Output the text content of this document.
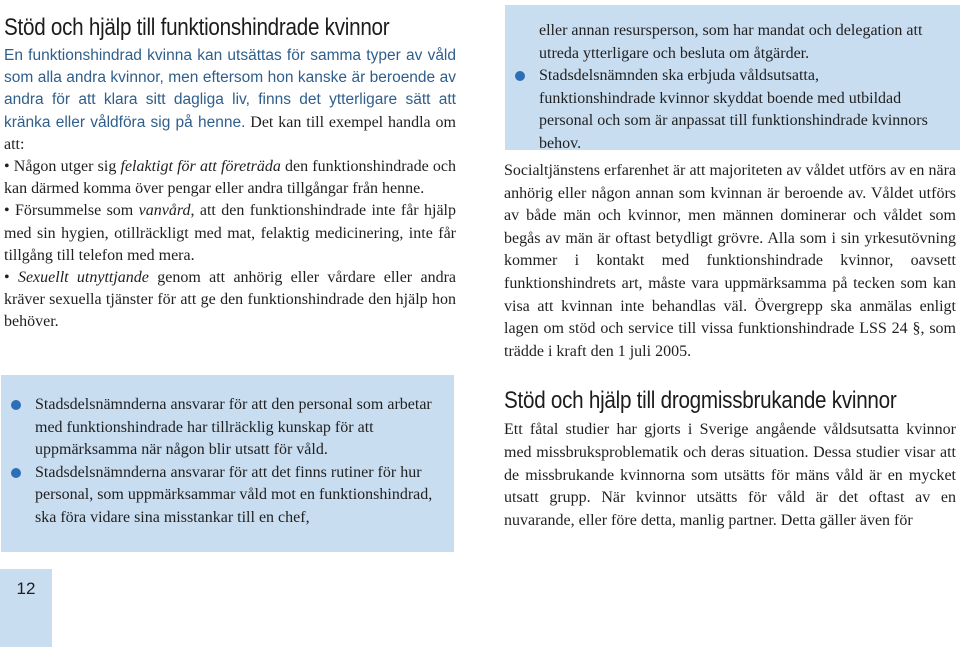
Stöd och hjälp till funktionshindrade kvinnor

En funktionshindrad kvinna kan utsättas för samma typer av våld som alla andra kvinnor, men eftersom hon kanske är beroende av andra för att klara sitt dagliga liv, finns det ytterligare sätt att kränka eller våldföra sig på henne. Det kan till exempel handla om att:

• Någon utger sig felaktigt för att företräda den funktionshindrade och kan därmed komma över pengar eller andra tillgångar från henne.

• Försummelse som vanvård, att den funktionshindrade inte får hjälp med sin hygien, otillräckligt med mat, felaktig medicinering, inte får tillgång till telefon med mera.

• Sexuellt utnyttjande genom att anhörig eller vårdare eller andra kräver sexuella tjänster för att ge den funktionshindrade den hjälp hon behöver.

Stadsdelsnämnderna ansvarar för att den personal som arbetar med funktionshindrade har tillräcklig kunskap för att uppmärksamma när någon blir utsatt för våld.
Stadsdelsnämnderna ansvarar för att det finns rutiner för hur personal, som uppmärksammar våld mot en funktionshindrad, ska föra vidare sina misstankar till en chef,
12
eller annan resursperson, som har mandat och delegation att utreda ytterligare och besluta om åtgärder.
Stadsdelsnämnden ska erbjuda våldsutsatta, funktionshindrade kvinnor skyddat boende med utbildad personal och som är anpassat till funktionshindrade kvinnors behov.

Socialtjänstens erfarenhet är att majoriteten av våldet utförs av en nära anhörig eller någon annan som kvinnan är beroende av. Våldet utförs av både män och kvinnor, men männen dominerar och våldet som begås av män är oftast betydligt grövre. Alla som i sin yrkesutövning kommer i kontakt med funktionshindrade kvinnor, oavsett funktionshindrets art, måste vara uppmärksamma på tecken som kan visa att kvinnan inte behandlas väl. Övergrepp ska anmälas enligt lagen om stöd och service till vissa funktionshindrade LSS 24 §, som trädde i kraft den 1 juli 2005.

Stöd och hjälp till drogmissbrukande kvinnor

Ett fåtal studier har gjorts i Sverige angående våldsutsatta kvinnor med missbruksproblematik och deras situation. Dessa studier visar att de missbrukande kvinnorna som utsätts för mäns våld är en mycket utsatt grupp. När kvinnor utsätts för våld är det oftast av en nuvarande, eller före detta, manlig partner. Detta gäller även för
